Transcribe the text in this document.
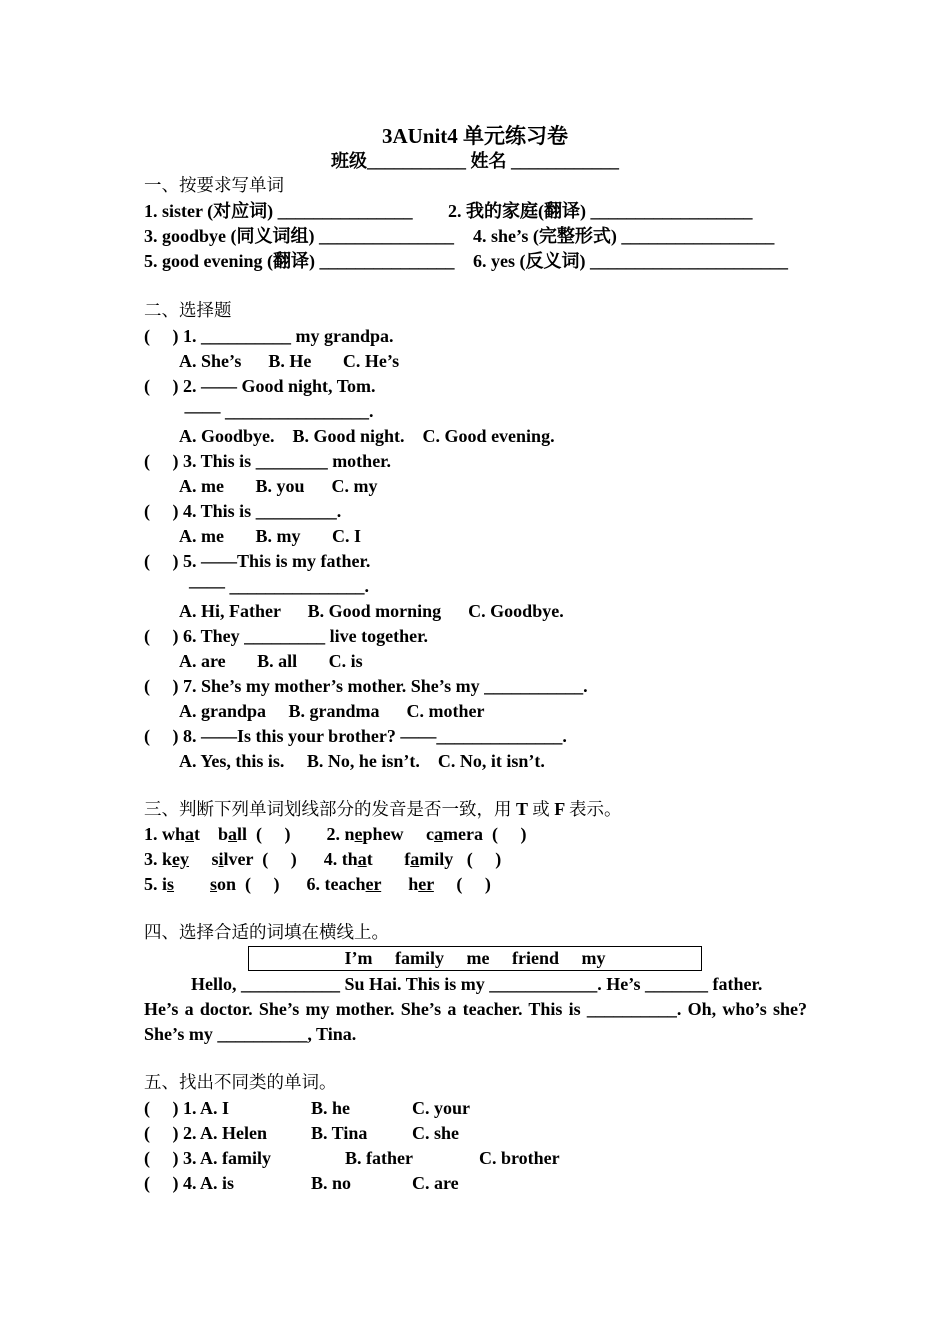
3AUnit4 单元练习卷
班级___________ 姓名 ____________
一、按要求写单词
1. sister (对应词) _______________ 2. 我的家庭(翻译) __________________
3. goodbye (同义词组) _______________ 4. she’s (完整形式) _________________
5. good evening (翻译) _______________ 6. yes (反义词) ______________________
二、选择题
(     ) 1. __________ my grandpa.
A. She’s      B. He       C. He’s
(     ) 2. —— Good night, Tom.
—— ________________.
A. Goodbye.    B. Good night.    C. Good evening.
(     ) 3. This is ________ mother.
A. me       B. you      C. my
(     ) 4. This is _________.
A. me       B. my       C. I
(     ) 5. ——This is my father.
—— _______________.
A. Hi, Father      B. Good morning      C. Goodbye.
(     ) 6. They _________ live together.
A. are       B. all       C. is
(     ) 7. She’s my mother’s mother. She’s my ___________.
A. grandpa     B. grandma      C. mother
(     ) 8. ——Is this your brother? ——______________.
A. Yes, this is.     B. No, he isn’t.    C. No, it isn’t.
三、判断下列单词划线部分的发音是否一致，用 T 或 F 表示。
1. what    ball  (     )        2. nephew     camera  (     )
3. key     silver  (     )      4. that       family   (     )
5. is son  (     )      6. teacher      her     (     )
四、选择合适的词填在横线上。
I’m     family     me     friend     my
Hello, ___________ Su Hai. This is my ____________. He’s _______ father.
He’s a doctor. She’s my mother. She’s a teacher. This is __________. Oh, who’s she? She’s my __________, Tina.
五、找出不同类的单词。
(     ) 1. A. I	B. he	C. your
(     ) 2. A. Helen B. Tina C. she
(     ) 3. A. family	B. father	C. brother
(     ) 4. A. is	B. no	C. are
